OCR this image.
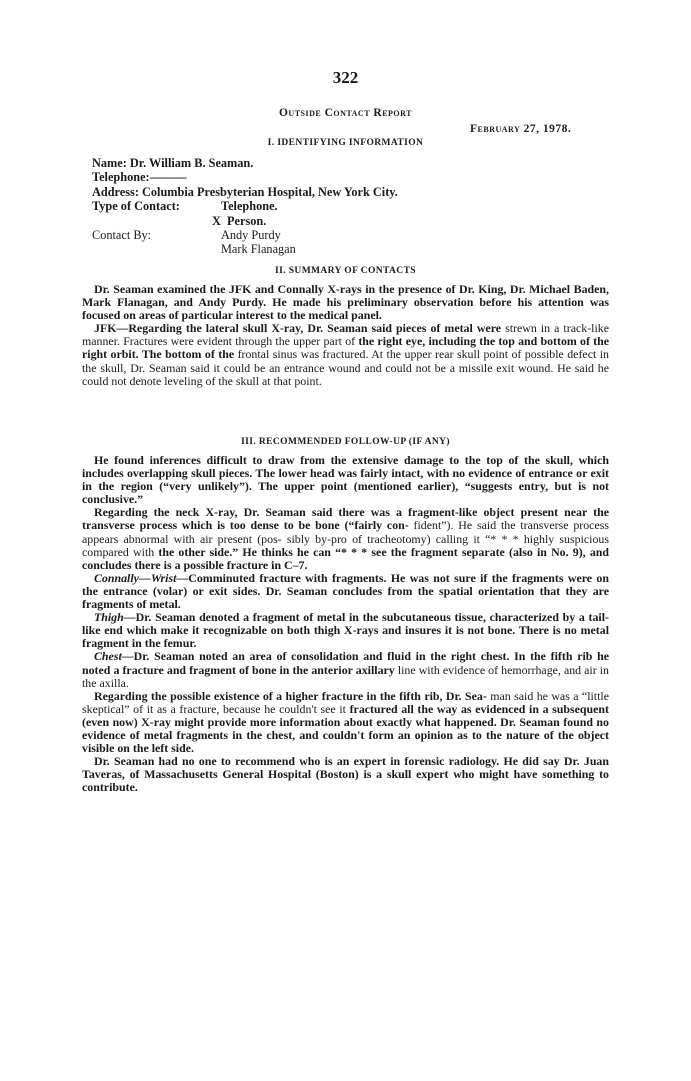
322
Outside Contact Report
February 27, 1978.
I. IDENTIFYING INFORMATION
Name: Dr. William B. Seaman.
Telephone:———
Address: Columbia Presbyterian Hospital, New York City.
Type of Contact:	Telephone.
X Person.
Contact By:	Andy Purdy
Mark Flanagan
II. SUMMARY OF CONTACTS

Dr. Seaman examined the JFK and Connally X-rays in the presence of Dr. King, Dr. Michael Baden, Mark Flanagan, and Andy Purdy. He made his preliminary observation before his attention was focused on areas of particular interest to the medical panel.

JFK—Regarding the lateral skull X-ray, Dr. Seaman said pieces of metal were strewn in a track-like manner. Fractures were evident through the upper part of the right eye, including the top and bottom of the right orbit. The bottom of the frontal sinus was fractured. At the upper rear skull point of possible defect in the skull, Dr. Seaman said it could be an entrance wound and could not be a missile exit wound. He said he could not denote leveling of the skull at that point.

III. RECOMMENDED FOLLOW-UP (IF ANY)

He found inferences difficult to draw from the extensive damage to the top of the skull, which includes overlapping skull pieces. The lower head was fairly intact, with no evidence of entrance or exit in the region (“very unlikely”). The upper point (mentioned earlier), “suggests entry, but is not conclusive.”

Regarding the neck X-ray, Dr. Seaman said there was a fragment-like object present near the transverse process which is too dense to be bone (“fairly con- fident”). He said the transverse process appears abnormal with air present (pos- sibly by-pro of tracheotomy) calling it “* * * highly suspicious compared with the other side.” He thinks he can “* * * see the fragment separate (also in No. 9), and concludes there is a possible fracture in C–7.

Connally—Wrist—Comminuted fracture with fragments. He was not sure if the fragments were on the entrance (volar) or exit sides. Dr. Seaman concludes from the spatial orientation that they are fragments of metal.

Thigh—Dr. Seaman denoted a fragment of metal in the subcutaneous tissue, characterized by a tail-like end which make it recognizable on both thigh X-rays and insures it is not bone. There is no metal fragment in the femur.

Chest—Dr. Seaman noted an area of consolidation and fluid in the right chest. In the fifth rib he noted a fracture and fragment of bone in the anterior axillary line with evidence of hemorrhage, and air in the axilla.

Regarding the possible existence of a higher fracture in the fifth rib, Dr. Sea- man said he was a “little skeptical” of it as a fracture, because he couldn't see it fractured all the way as evidenced in a subsequent (even now) X-ray might provide more information about exactly what happened. Dr. Seaman found no evidence of metal fragments in the chest, and couldn't form an opinion as to the nature of the object visible on the left side.

Dr. Seaman had no one to recommend who is an expert in forensic radiology. He did say Dr. Juan Taveras, of Massachusetts General Hospital (Boston) is a skull expert who might have something to contribute.
